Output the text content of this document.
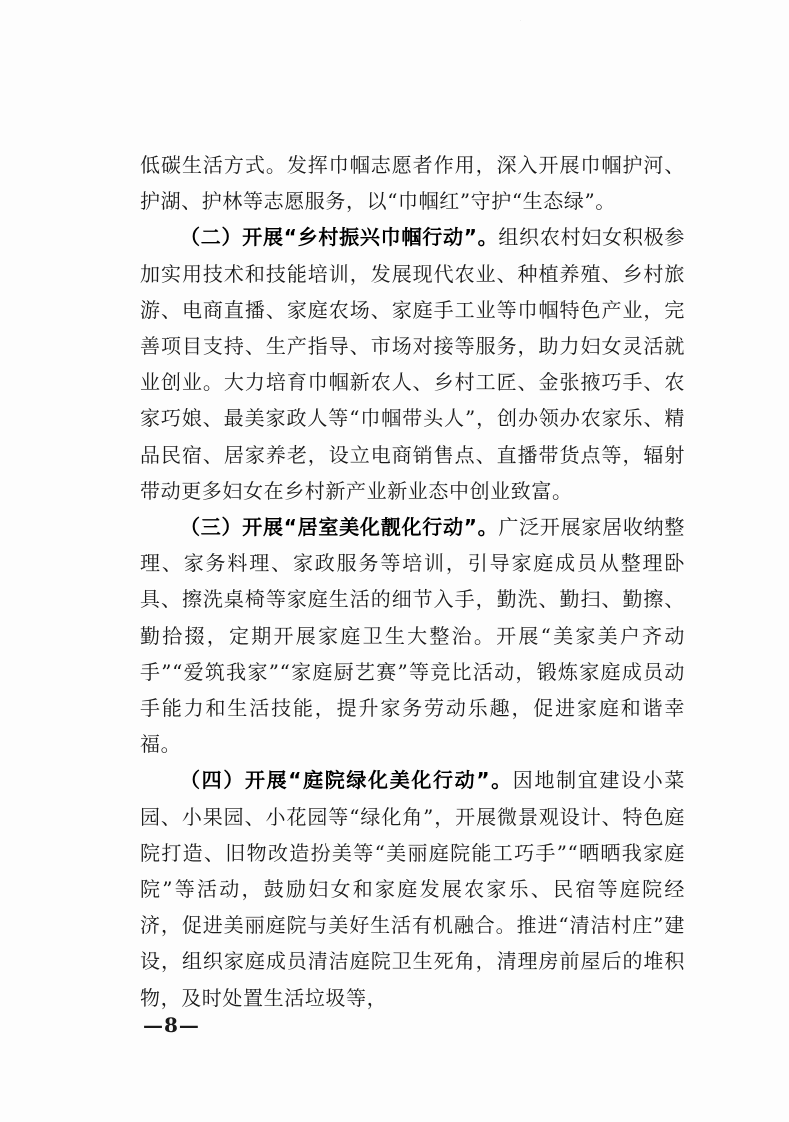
低碳生活方式。发挥巾帼志愿者作用，深入开展巾帼护河、护湖、护林等志愿服务，以“巾帼红”守护“生态绿”。

（二）开展“乡村振兴巾帼行动”。组织农村妇女积极参加实用技术和技能培训，发展现代农业、种植养殖、乡村旅游、电商直播、家庭农场、家庭手工业等巾帼特色产业，完善项目支持、生产指导、市场对接等服务，助力妇女灵活就业创业。大力培育巾帼新农人、乡村工匠、金张掖巧手、农家巧娘、最美家政人等“巾帼带头人”，创办领办农家乐、精品民宿、居家养老，设立电商销售点、直播带货点等，辐射带动更多妇女在乡村新产业新业态中创业致富。

（三）开展“居室美化靓化行动”。广泛开展家居收纳整理、家务料理、家政服务等培训，引导家庭成员从整理卧具、擦洗桌椅等家庭生活的细节入手，勤洗、勤扫、勤擦、勤拾掇，定期开展家庭卫生大整治。开展“美家美户齐动手”“爱筑我家”“家庭厨艺赛”等竞比活动，锻炼家庭成员动手能力和生活技能，提升家务劳动乐趣，促进家庭和谐幸福。

（四）开展“庭院绿化美化行动”。因地制宜建设小菜园、小果园、小花园等“绿化角”，开展微景观设计、特色庭院打造、旧物改造扮美等“美丽庭院能工巧手”“晒晒我家庭院”等活动，鼓励妇女和家庭发展农家乐、民宿等庭院经济，促进美丽庭院与美好生活有机融合。推进“清洁村庄”建设，组织家庭成员清洁庭院卫生死角，清理房前屋后的堆积物，及时处置生活垃圾等，

—8—
